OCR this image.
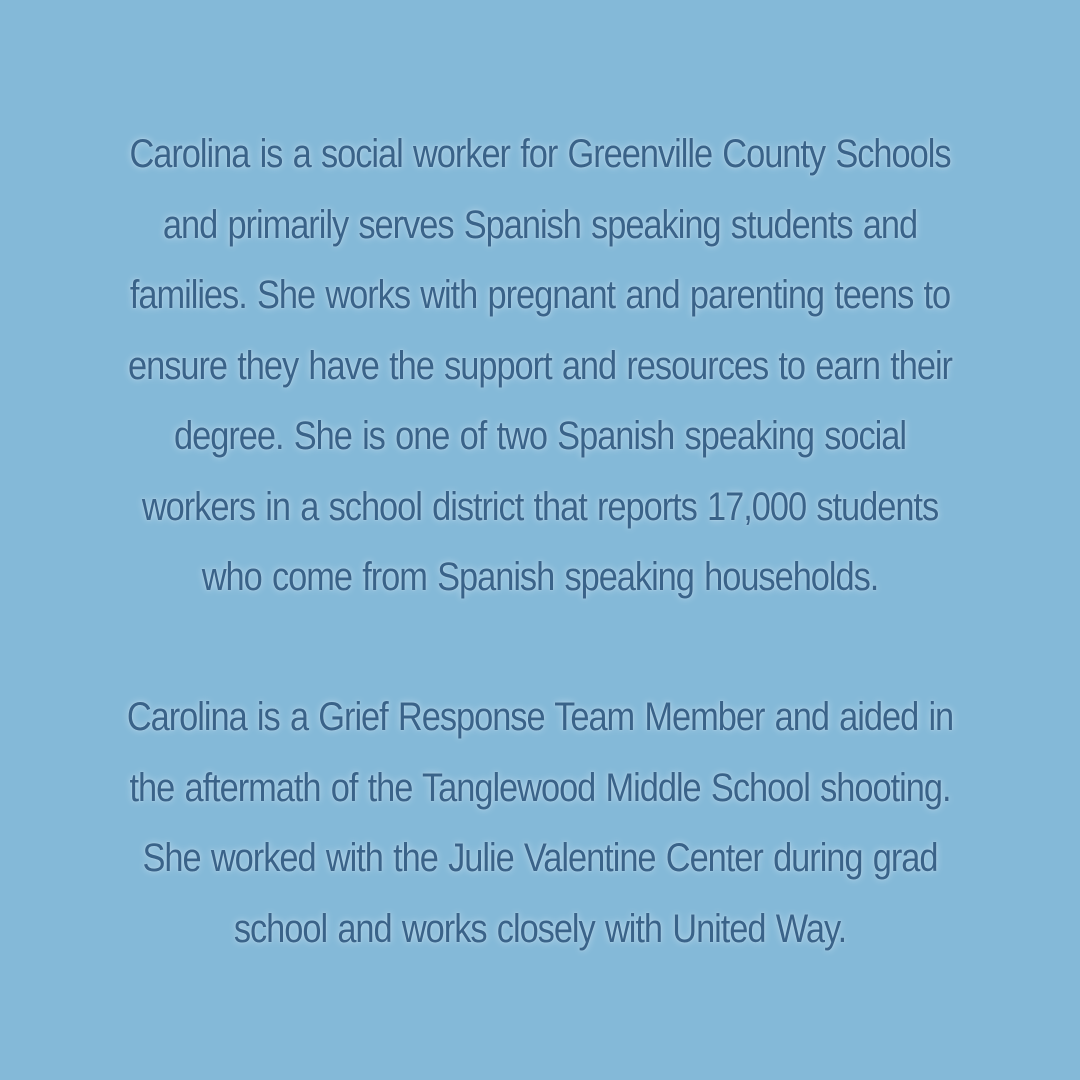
Carolina is a social worker for Greenville County Schools
and primarily serves Spanish speaking students and
families. She works with pregnant and parenting teens to
ensure they have the support and resources to earn their
degree. She is one of two Spanish speaking social
workers in a school district that reports 17,000 students
who come from Spanish speaking households.

Carolina is a Grief Response Team Member and aided in
the aftermath of the Tanglewood Middle School shooting.
She worked with the Julie Valentine Center during grad
school and works closely with United Way.
